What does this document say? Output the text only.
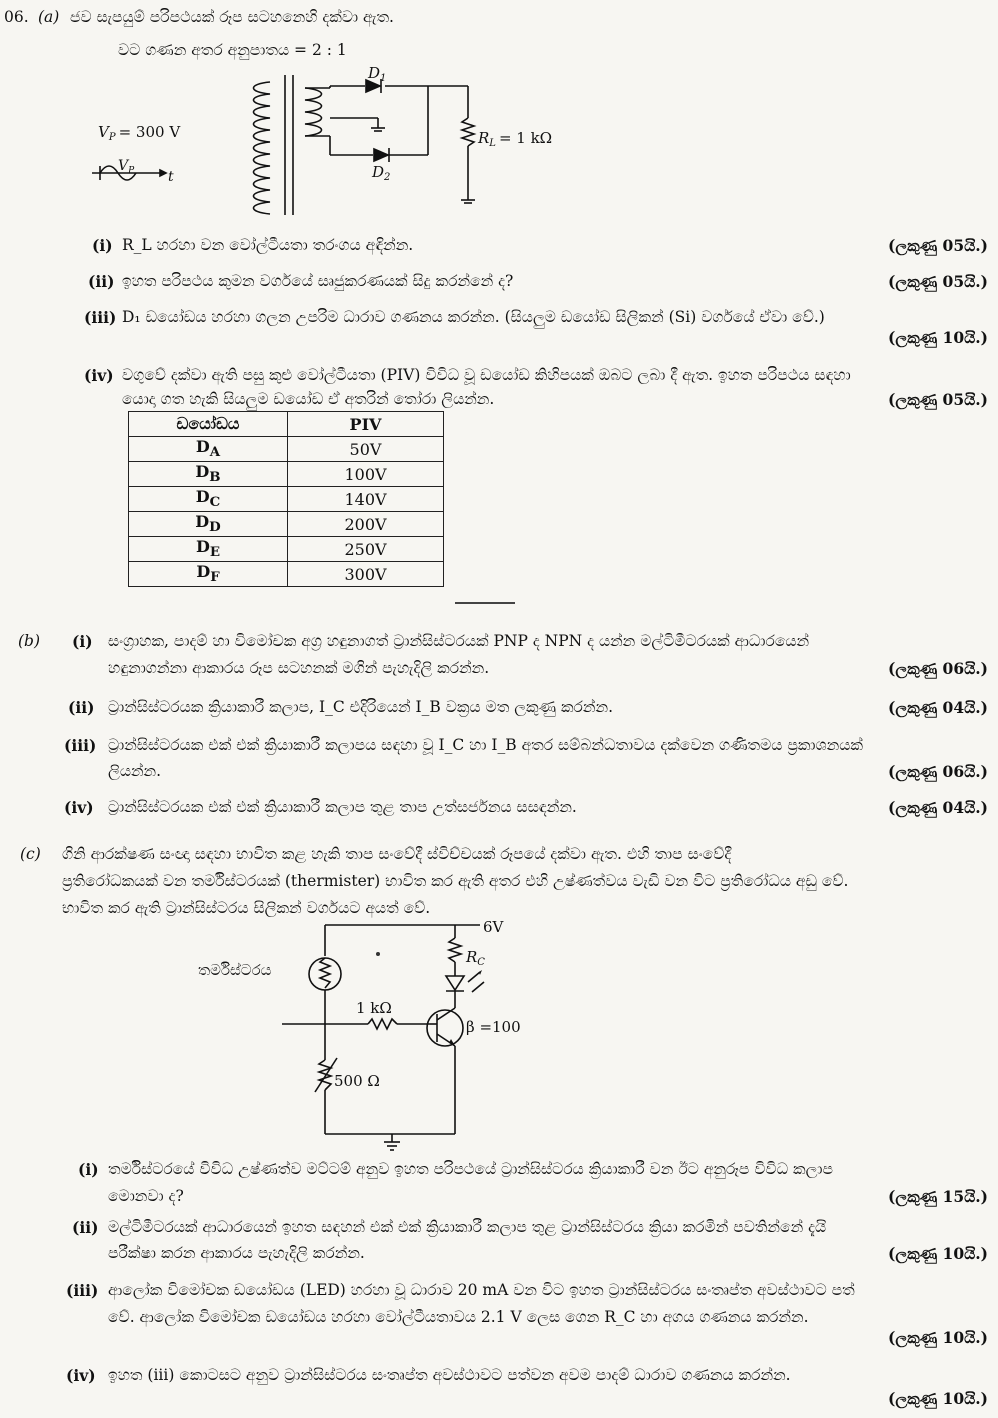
06. (a) ජව සැපයුම් පරිපථයක් රූප සටහනෙහි දක්වා ඇත.
වට ගණන අතර අනුපාතය = 2 : 1
$D_1$
$D_2$
$V_P = 300$ V	$R_L = 1$ kΩ
$V_P$ t
(i) R_L හරහා වන වෝල්ටීයතා තරංගය අඳින්න.	(ලකුණු 05යි.)
(ii) ඉහත පරිපථය කුමන වර්ගයේ සෘජුකරණයක් සිදු කරන්නේ ද?	(ලකුණු 05යි.)
(iii) D₁ ඩයෝඩය හරහා ගලන උපරිම ධාරාව ගණනය කරන්න. (සියලුම ඩයෝඩ සිලිකන් (Si) වර්ගයේ ඒවා වේ.)
(ලකුණු 10යි.)
(iv) වගුවේ දක්වා ඇති පසු කුළු වෝල්ටීයතා (PIV) විවිධ වූ ඩයෝඩ කිහිපයක් ඔබට ලබා දී ඇත. ඉහත පරිපථය සඳහා
යොදා ගත හැකි සියලුම ඩයෝඩ ඒ අතරින් තෝරා ලියන්න.	(ලකුණු 05යි.)
ඩයෝඩය	PIV
$D_A$	50V
$D_B$	100V
$D_C$	140V
$D_D$	200V
$D_E$	250V
$D_F$	300V
(b) (i) සංග්‍රාහක, පාදම් හා විමෝචක අග්‍ර හඳුනාගත් ට්‍රාන්සිස්ටරයක් PNP ද NPN ද යන්න මල්ටිමීටරයක් ආධාරයෙන්
හඳුනාගන්නා ආකාරය රූප සටහනක් මගින් පැහැදිලි කරන්න.	(ලකුණු 06යි.)
(ii) ට්‍රාන්සිස්ටරයක ක්‍රියාකාරී කලාප, I_C එදිරියෙන් I_B වක්‍රය මත ලකුණු කරන්න.	(ලකුණු 04යි.)
(iii) ට්‍රාන්සිස්ටරයක එක් එක් ක්‍රියාකාරී කලාපය සඳහා වූ I_C හා I_B අතර සම්බන්ධතාවය දක්වෙන ගණිතමය ප්‍රකාශනයක්
ලියන්න.	(ලකුණු 06යි.)
(iv) ට්‍රාන්සිස්ටරයක එක් එක් ක්‍රියාකාරී කලාප තුළ තාප උත්සර්ජනය සසඳන්න.	(ලකුණු 04යි.)
(c) ගිනි ආරක්ෂණ සංඥා සඳහා භාවිත කළ හැකි තාප සංවේදී ස්විච්චයක් රූපයේ දක්වා ඇත. එහි තාප සංවේදී
ප්‍රතිරෝධකයක් වන තර්මිස්ටරයක් (thermister) භාවිත කර ඇති අතර එහි උෂ්ණත්වය වැඩි වන විට ප්‍රතිරෝධය අඩු වේ.
භාවිත කර ඇති ට්‍රාන්සිස්ටරය සිලිකන් වර්ගයට අයත් වේ.
6V
$R_C$
තර්මිස්ටරය
1 kΩ
β =100
500 Ω
(i) තර්මිස්ටරයේ විවිධ උෂ්ණත්ව මට්ටම් අනුව ඉහත පරිපථයේ ට්‍රාන්සිස්ටරය ක්‍රියාකාරී වන ඊට අනුරූප විවිධ කලාප
මොනවා ද?	(ලකුණු 15යි.)
(ii) මල්ටිමීටරයක් ආධාරයෙන් ඉහත සඳහන් එක් එක් ක්‍රියාකාරී කලාප තුළ ට්‍රාන්සිස්ටරය ක්‍රියා කරමින් පවතින්නේ දැයි
පරීක්ෂා කරන ආකාරය පැහැදිලි කරන්න.	(ලකුණු 10යි.)
(iii) ආලෝක විමෝචක ඩයෝඩය (LED) හරහා වූ ධාරාව 20 mA වන විට ඉහත ට්‍රාන්සිස්ටරය සංතෘප්ත අවස්ථාවට පත්
වේ. ආලෝක විමෝචක ඩයෝඩය හරහා වෝල්ටීයතාවය 2.1 V ලෙස ගෙන R_C හා අගය ගණනය කරන්න.
(ලකුණු 10යි.)
(iv) ඉහත (iii) කොටසට අනුව ට්‍රාන්සිස්ටරය සංතෘප්ත අවස්ථාවට පත්වන අවම පාදම් ධාරාව ගණනය කරන්න.
(ලකුණු 10යි.)
